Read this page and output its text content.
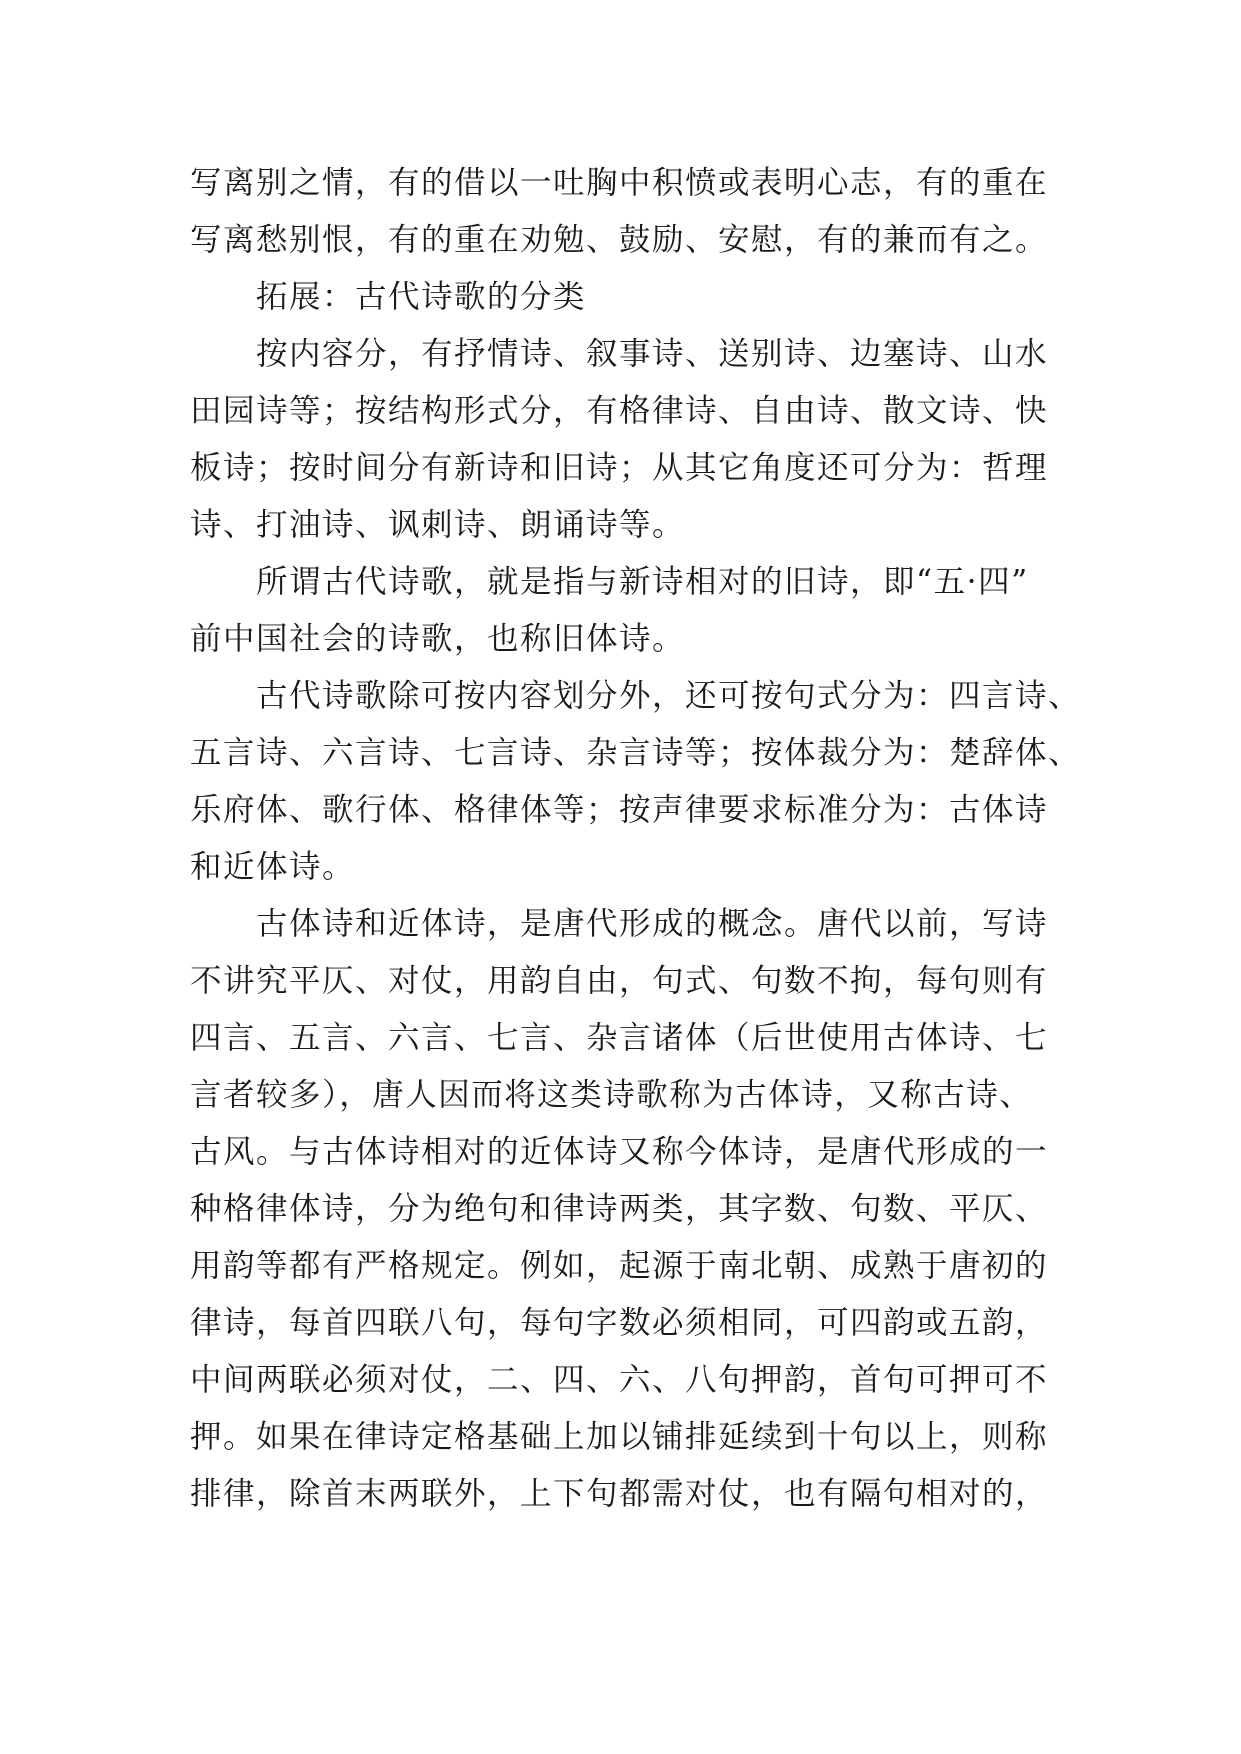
写离别之情，有的借以一吐胸中积愤或表明心志，有的重在
写离愁别恨，有的重在劝勉、鼓励、安慰，有的兼而有之。
拓展：古代诗歌的分类
按内容分，有抒情诗、叙事诗、送别诗、边塞诗、山水
田园诗等；按结构形式分，有格律诗、自由诗、散文诗、快
板诗；按时间分有新诗和旧诗；从其它角度还可分为：哲理
诗、打油诗、讽刺诗、朗诵诗等。
所谓古代诗歌，就是指与新诗相对的旧诗，即“五·四”
前中国社会的诗歌，也称旧体诗。
古代诗歌除可按内容划分外，还可按句式分为：四言诗、
五言诗、六言诗、七言诗、杂言诗等；按体裁分为：楚辞体、
乐府体、歌行体、格律体等；按声律要求标准分为：古体诗
和近体诗。
古体诗和近体诗，是唐代形成的概念。唐代以前，写诗
不讲究平仄、对仗，用韵自由，句式、句数不拘，每句则有
四言、五言、六言、七言、杂言诸体（后世使用古体诗、七
言者较多），唐人因而将这类诗歌称为古体诗，又称古诗、
古风。与古体诗相对的近体诗又称今体诗，是唐代形成的一
种格律体诗，分为绝句和律诗两类，其字数、句数、平仄、
用韵等都有严格规定。例如，起源于南北朝、成熟于唐初的
律诗，每首四联八句，每句字数必须相同，可四韵或五韵，
中间两联必须对仗，二、四、六、八句押韵，首句可押可不
押。如果在律诗定格基础上加以铺排延续到十句以上，则称
排律，除首末两联外，上下句都需对仗，也有隔句相对的，
